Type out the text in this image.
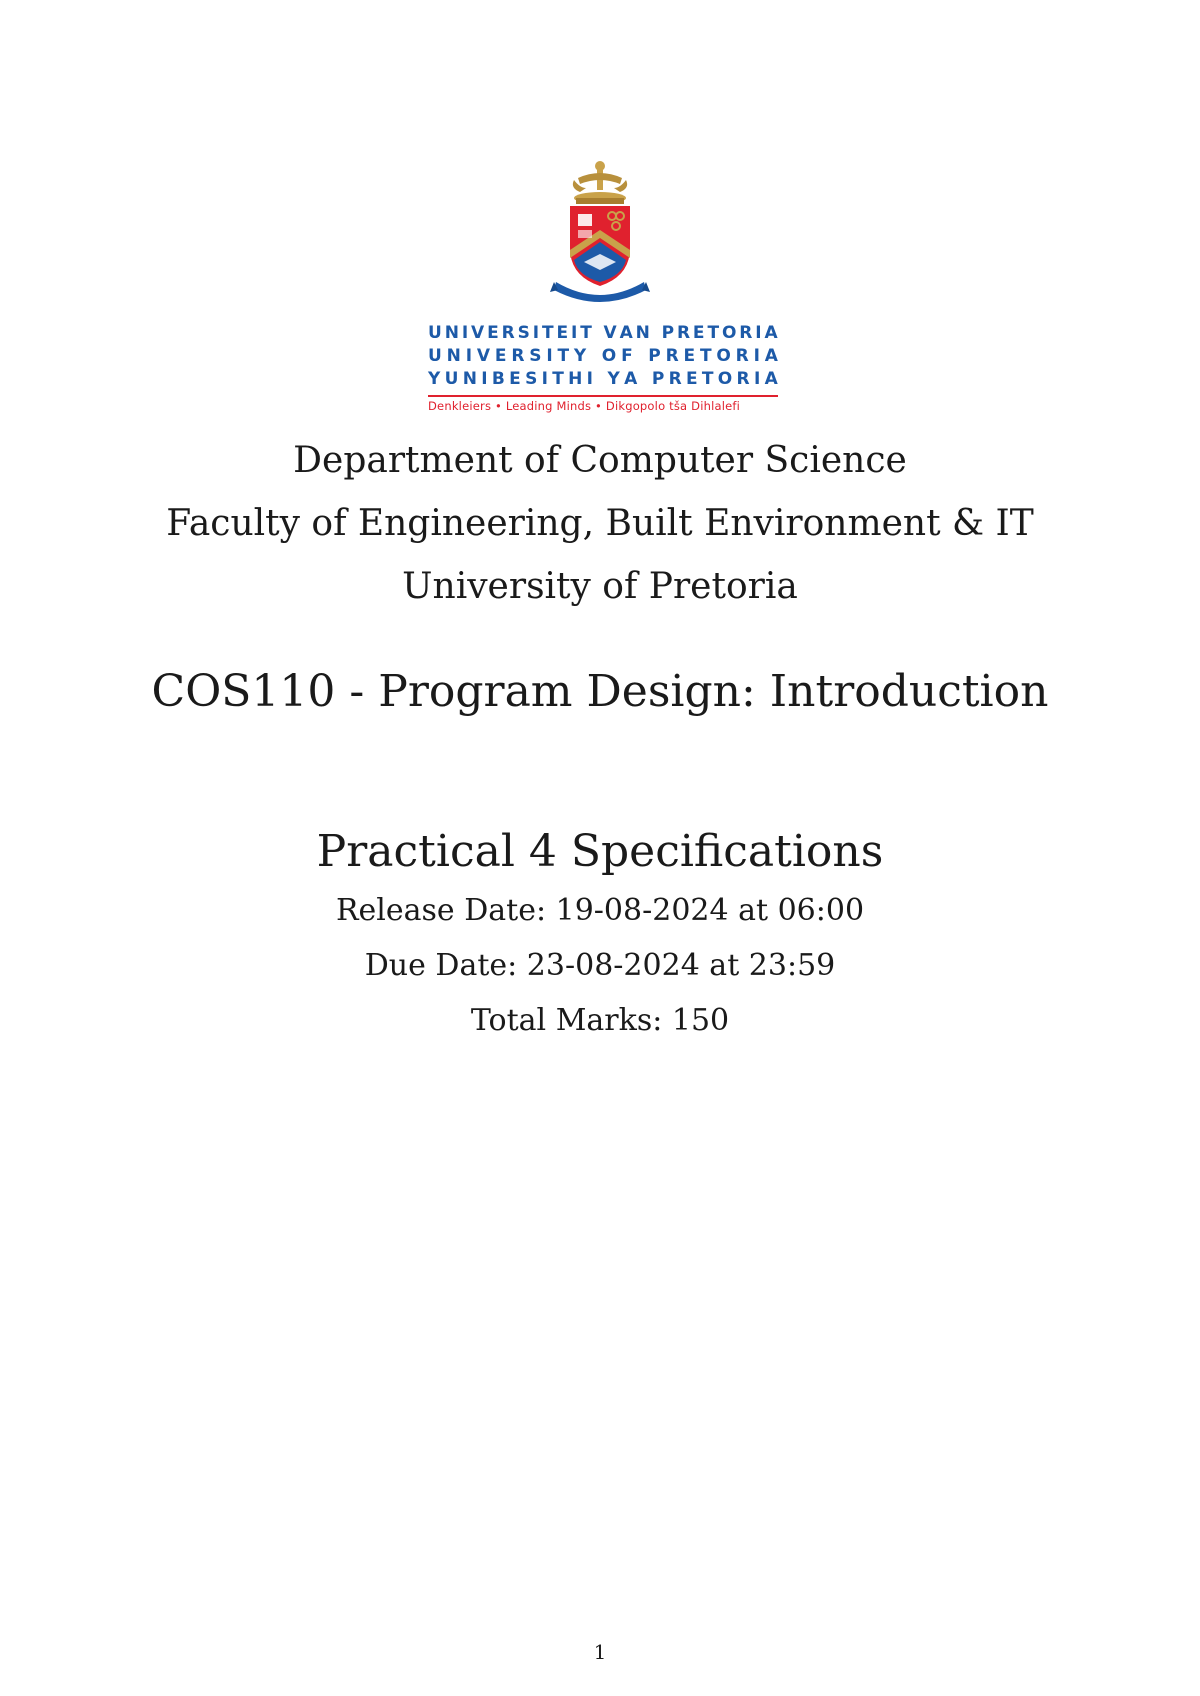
U N I V E R S I T E I T
V A N
P R E T O R I A
U N I V E R S I T Y
O F
P R E T O R I A
Y U N I B E S I T H I
Y A
P R E T O R I A
Denkleiers • Leading Minds • Dikgopolo tša Dihlalefi
Department of Computer Science
Faculty of Engineering, Built Environment & IT
University of Pretoria
COS110 - Program Design: Introduction
Practical 4 Specifications
Release Date: 19-08-2024 at 06:00
Due Date: 23-08-2024 at 23:59
Total Marks: 150
1
